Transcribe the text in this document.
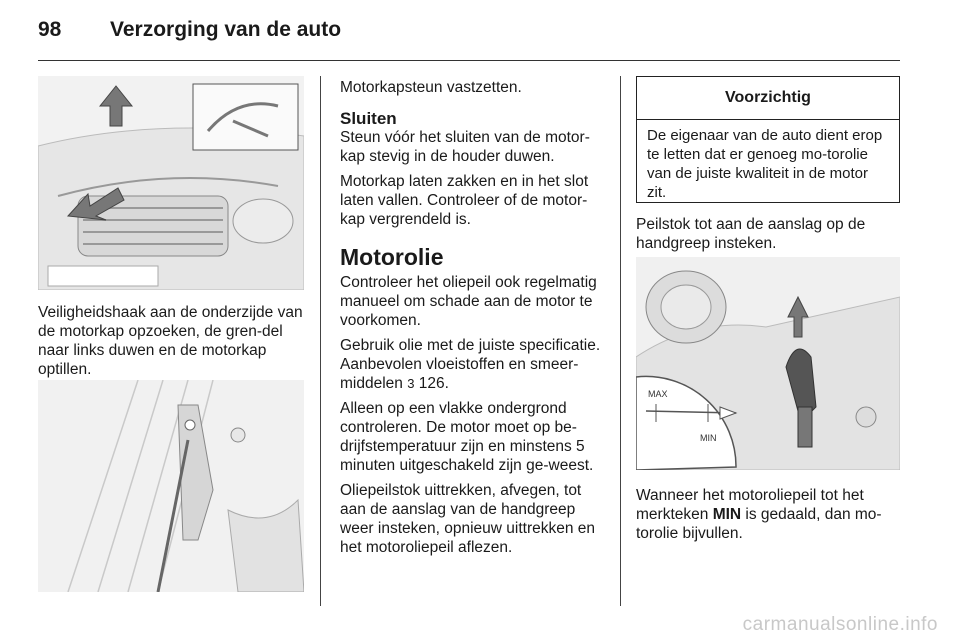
98 Verzorging van de auto
Veiligheidshaak aan de onderzijde van de motorkap opzoeken, de gren-del naar links duwen en de motorkap optillen.

Motorkapsteun vastzetten.

Sluiten

Steun vóór het sluiten van de motor-kap stevig in de houder duwen.

Motorkap laten zakken en in het slot laten vallen. Controleer of de motor-kap vergrendeld is.

Motorolie

Controleer het oliepeil ook regelmatig manueel om schade aan de motor te voorkomen.

Gebruik olie met de juiste specificatie. Aanbevolen vloeistoffen en smeer-middelen 3 126.

Alleen op een vlakke ondergrond controleren. De motor moet op be-drijfstemperatuur zijn en minstens 5 minuten uitgeschakeld zijn ge-weest.

Oliepeilstok uittrekken, afvegen, tot aan de aanslag van de handgreep weer insteken, opnieuw uittrekken en het motoroliepeil aflezen.

Voorzichtig
De eigenaar van de auto dient erop te letten dat er genoeg mo-torolie van de juiste kwaliteit in de motor zit.
Peilstok tot aan de aanslag op de handgreep insteken.
MAX
MIN
Wanneer het motoroliepeil tot het merkteken MIN is gedaald, dan mo-torolie bijvullen.
carmanualsonline.info
